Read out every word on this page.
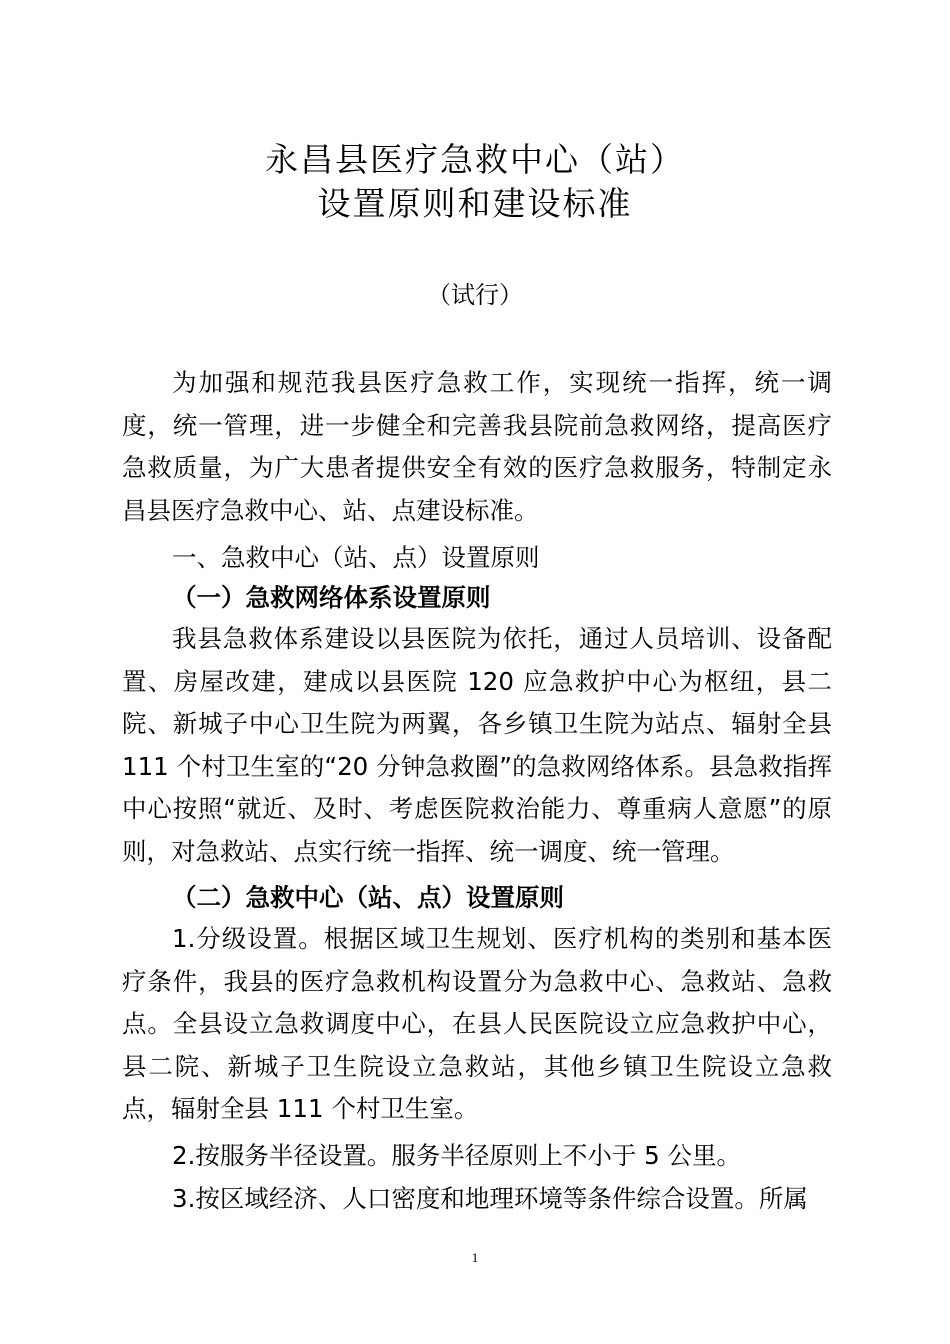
永昌县医疗急救中心（站）
设置原则和建设标准
（试行）

为加强和规范我县医疗急救工作，实现统一指挥，统一调度，统一管理，进一步健全和完善我县院前急救网络，提高医疗急救质量，为广大患者提供安全有效的医疗急救服务，特制定永昌县医疗急救中心、站、点建设标准。

一、急救中心（站、点）设置原则
（一）急救网络体系设置原则

我县急救体系建设以县医院为依托，通过人员培训、设备配置、房屋改建，建成以县医院 120 应急救护中心为枢纽，县二院、新城子中心卫生院为两翼，各乡镇卫生院为站点、辐射全县 111 个村卫生室的“20 分钟急救圈”的急救网络体系。县急救指挥中心按照“就近、及时、考虑医院救治能力、尊重病人意愿”的原则，对急救站、点实行统一指挥、统一调度、统一管理。

（二）急救中心（站、点）设置原则

1.分级设置。根据区域卫生规划、医疗机构的类别和基本医疗条件，我县的医疗急救机构设置分为急救中心、急救站、急救点。全县设立急救调度中心，在县人民医院设立应急救护中心，县二院、新城子卫生院设立急救站，其他乡镇卫生院设立急救点，辐射全县 111 个村卫生室。

2.按服务半径设置。服务半径原则上不小于 5 公里。

3.按区域经济、人口密度和地理环境等条件综合设置。所属

1
